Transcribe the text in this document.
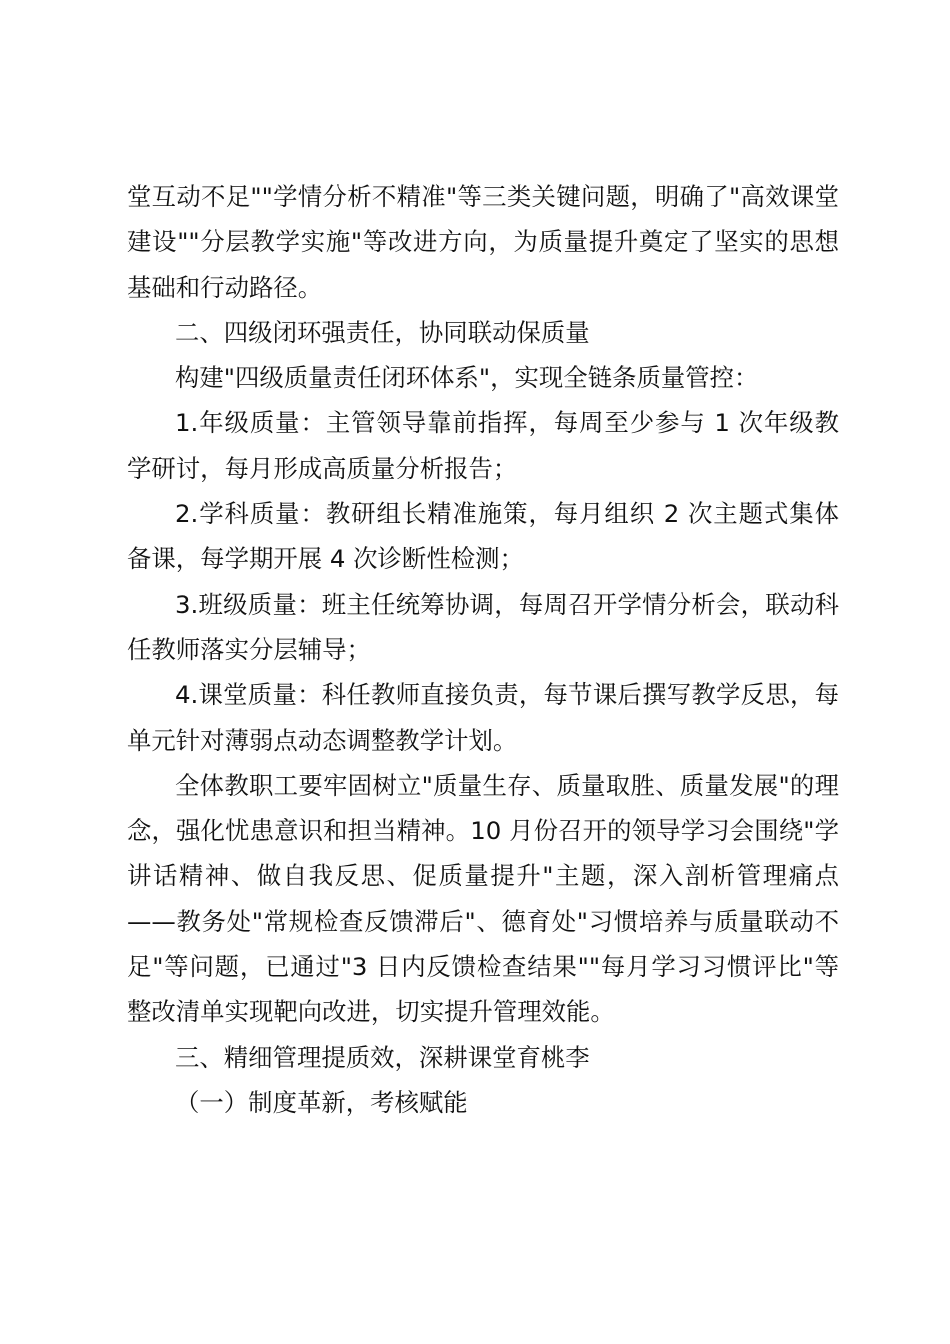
堂互动不足""学情分析不精准"等三类关键问题，明确了"高效课堂建设""分层教学实施"等改进方向，为质量提升奠定了坚实的思想基础和行动路径。

二、四级闭环强责任，协同联动保质量

构建"四级质量责任闭环体系"，实现全链条质量管控：

1.年级质量：主管领导靠前指挥，每周至少参与 1 次年级教学研讨，每月形成高质量分析报告；

2.学科质量：教研组长精准施策，每月组织 2 次主题式集体备课，每学期开展 4 次诊断性检测；

3.班级质量：班主任统筹协调，每周召开学情分析会，联动科任教师落实分层辅导；

4.课堂质量：科任教师直接负责，每节课后撰写教学反思，每单元针对薄弱点动态调整教学计划。

全体教职工要牢固树立"质量生存、质量取胜、质量发展"的理念，强化忧患意识和担当精神。10 月份召开的领导学习会围绕"学讲话精神、做自我反思、促质量提升"主题，深入剖析管理痛点——教务处"常规检查反馈滞后"、德育处"习惯培养与质量联动不足"等问题，已通过"3 日内反馈检查结果""每月学习习惯评比"等整改清单实现靶向改进，切实提升管理效能。

三、精细管理提质效，深耕课堂育桃李

（一）制度革新，考核赋能
